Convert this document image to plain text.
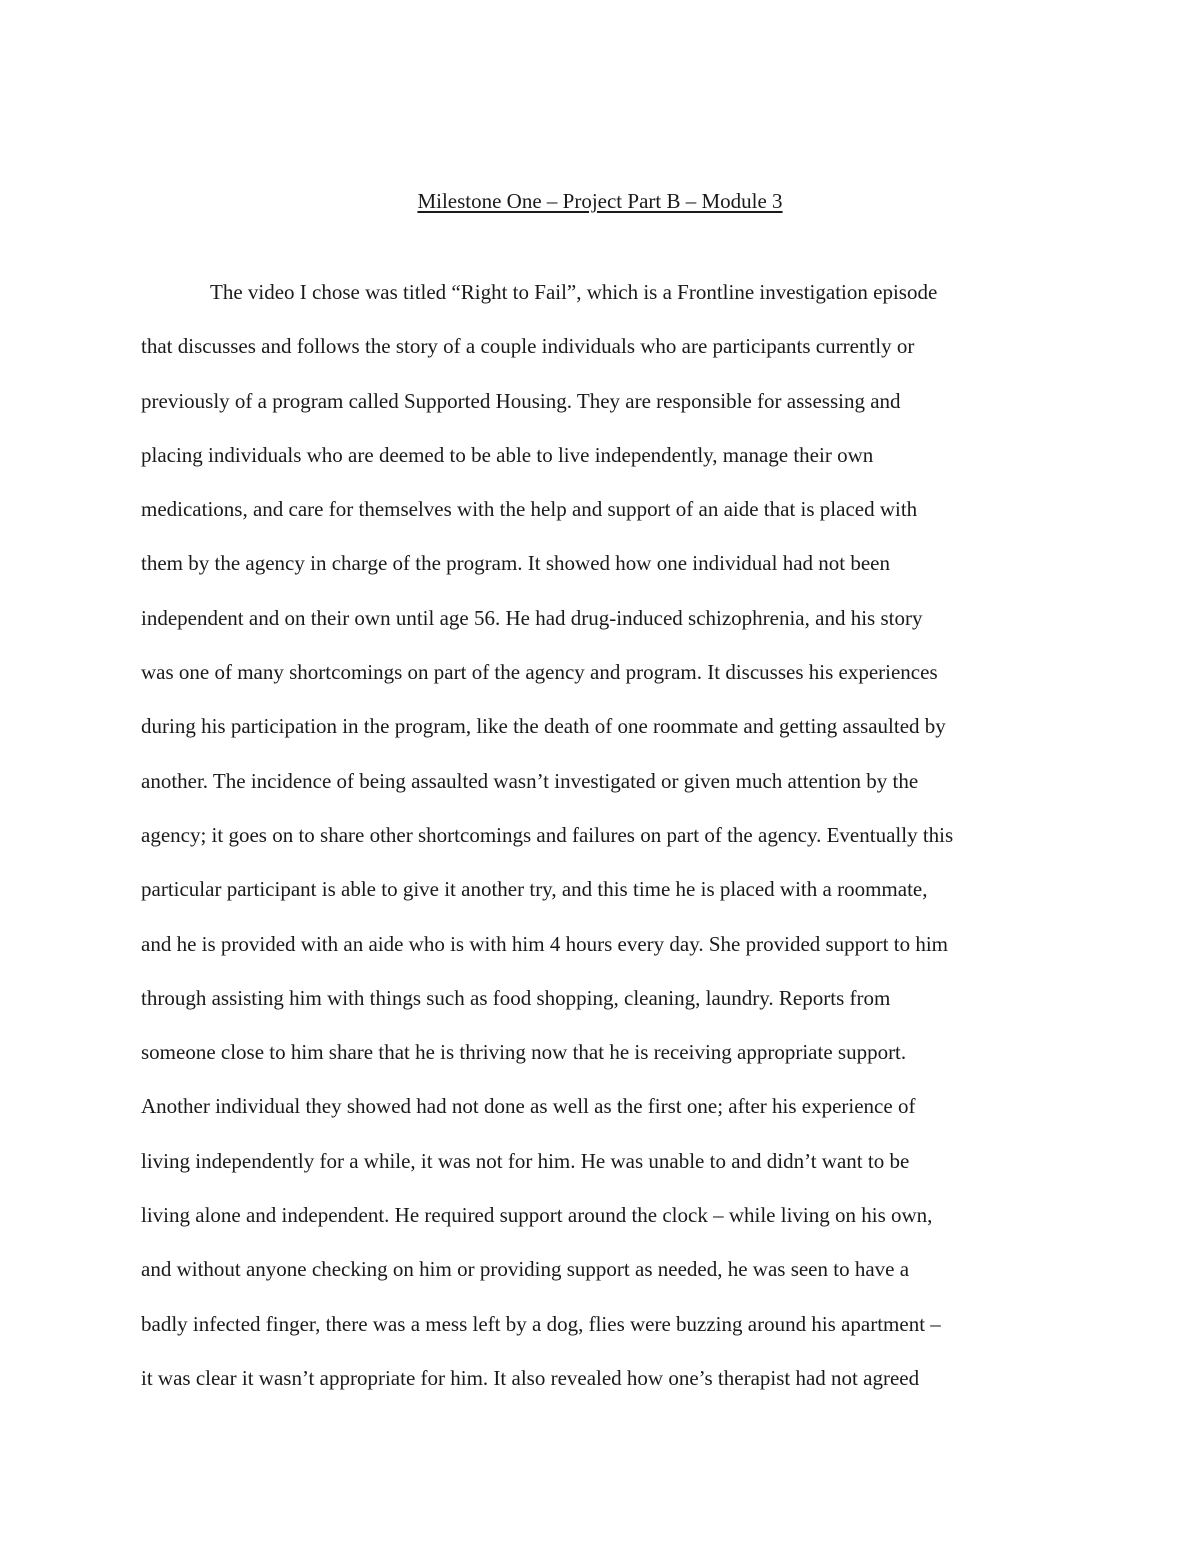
Milestone One – Project Part B – Module 3
The video I chose was titled “Right to Fail”, which is a Frontline investigation episode
that discusses and follows the story of a couple individuals who are participants currently or
previously of a program called Supported Housing. They are responsible for assessing and
placing individuals who are deemed to be able to live independently, manage their own
medications, and care for themselves with the help and support of an aide that is placed with
them by the agency in charge of the program. It showed how one individual had not been
independent and on their own until age 56. He had drug-induced schizophrenia, and his story
was one of many shortcomings on part of the agency and program. It discusses his experiences
during his participation in the program, like the death of one roommate and getting assaulted by
another. The incidence of being assaulted wasn’t investigated or given much attention by the
agency; it goes on to share other shortcomings and failures on part of the agency. Eventually this
particular participant is able to give it another try, and this time he is placed with a roommate,
and he is provided with an aide who is with him 4 hours every day. She provided support to him
through assisting him with things such as food shopping, cleaning, laundry. Reports from
someone close to him share that he is thriving now that he is receiving appropriate support.
Another individual they showed had not done as well as the first one; after his experience of
living independently for a while, it was not for him. He was unable to and didn’t want to be
living alone and independent. He required support around the clock – while living on his own,
and without anyone checking on him or providing support as needed, he was seen to have a
badly infected finger, there was a mess left by a dog, flies were buzzing around his apartment –
it was clear it wasn’t appropriate for him. It also revealed how one’s therapist had not agreed
